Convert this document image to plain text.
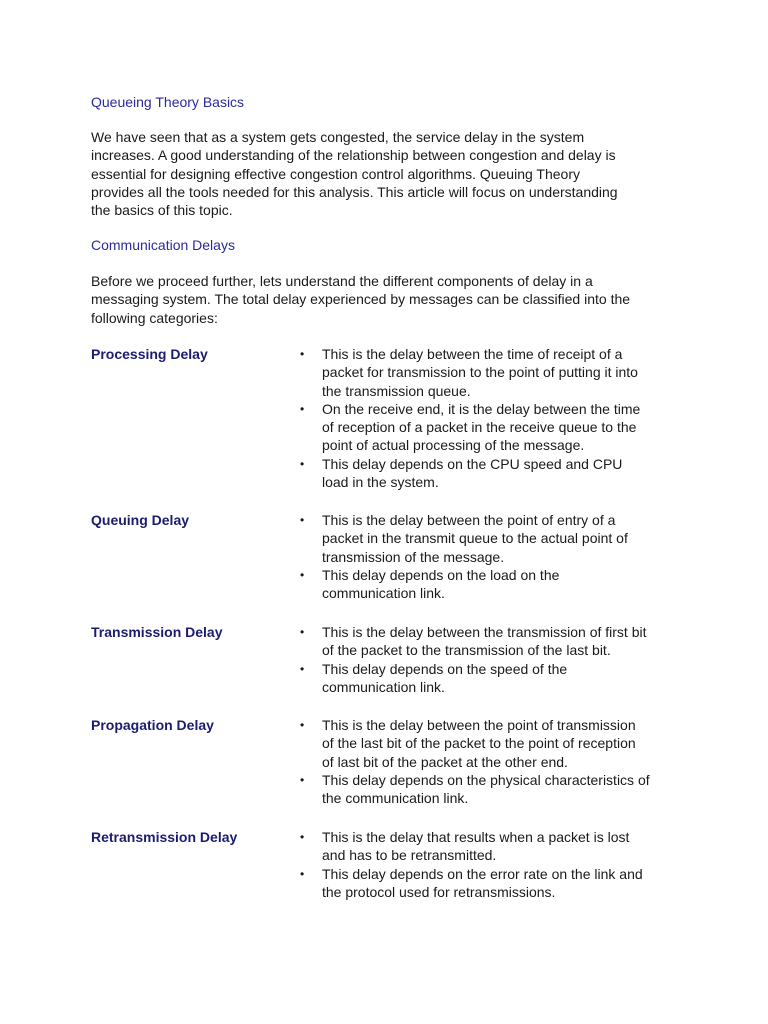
Queueing Theory Basics
We have seen that as a system gets congested, the service delay in the system
increases. A good understanding of the relationship between congestion and delay is
essential for designing effective congestion control algorithms. Queuing Theory
provides all the tools needed for this analysis. This article will focus on understanding
the basics of this topic.
Communication Delays
Before we proceed further, lets understand the different components of delay in a
messaging system. The total delay experienced by messages can be classified into the
following categories:
Processing Delay	•	This is the delay between the time of receipt of a
packet for transmission to the point of putting it into
the transmission queue.
•	On the receive end, it is the delay between the time
of reception of a packet in the receive queue to the
point of actual processing of the message.
•	This delay depends on the CPU speed and CPU
load in the system.
Queuing Delay	•	This is the delay between the point of entry of a
packet in the transmit queue to the actual point of
transmission of the message.
•	This delay depends on the load on the
communication link.
Transmission Delay	•	This is the delay between the transmission of first bit
of the packet to the transmission of the last bit.
•	This delay depends on the speed of the
communication link.
Propagation Delay	•	This is the delay between the point of transmission
of the last bit of the packet to the point of reception
of last bit of the packet at the other end.
•	This delay depends on the physical characteristics of
the communication link.
Retransmission Delay	•	This is the delay that results when a packet is lost
and has to be retransmitted.
•	This delay depends on the error rate on the link and
the protocol used for retransmissions.
